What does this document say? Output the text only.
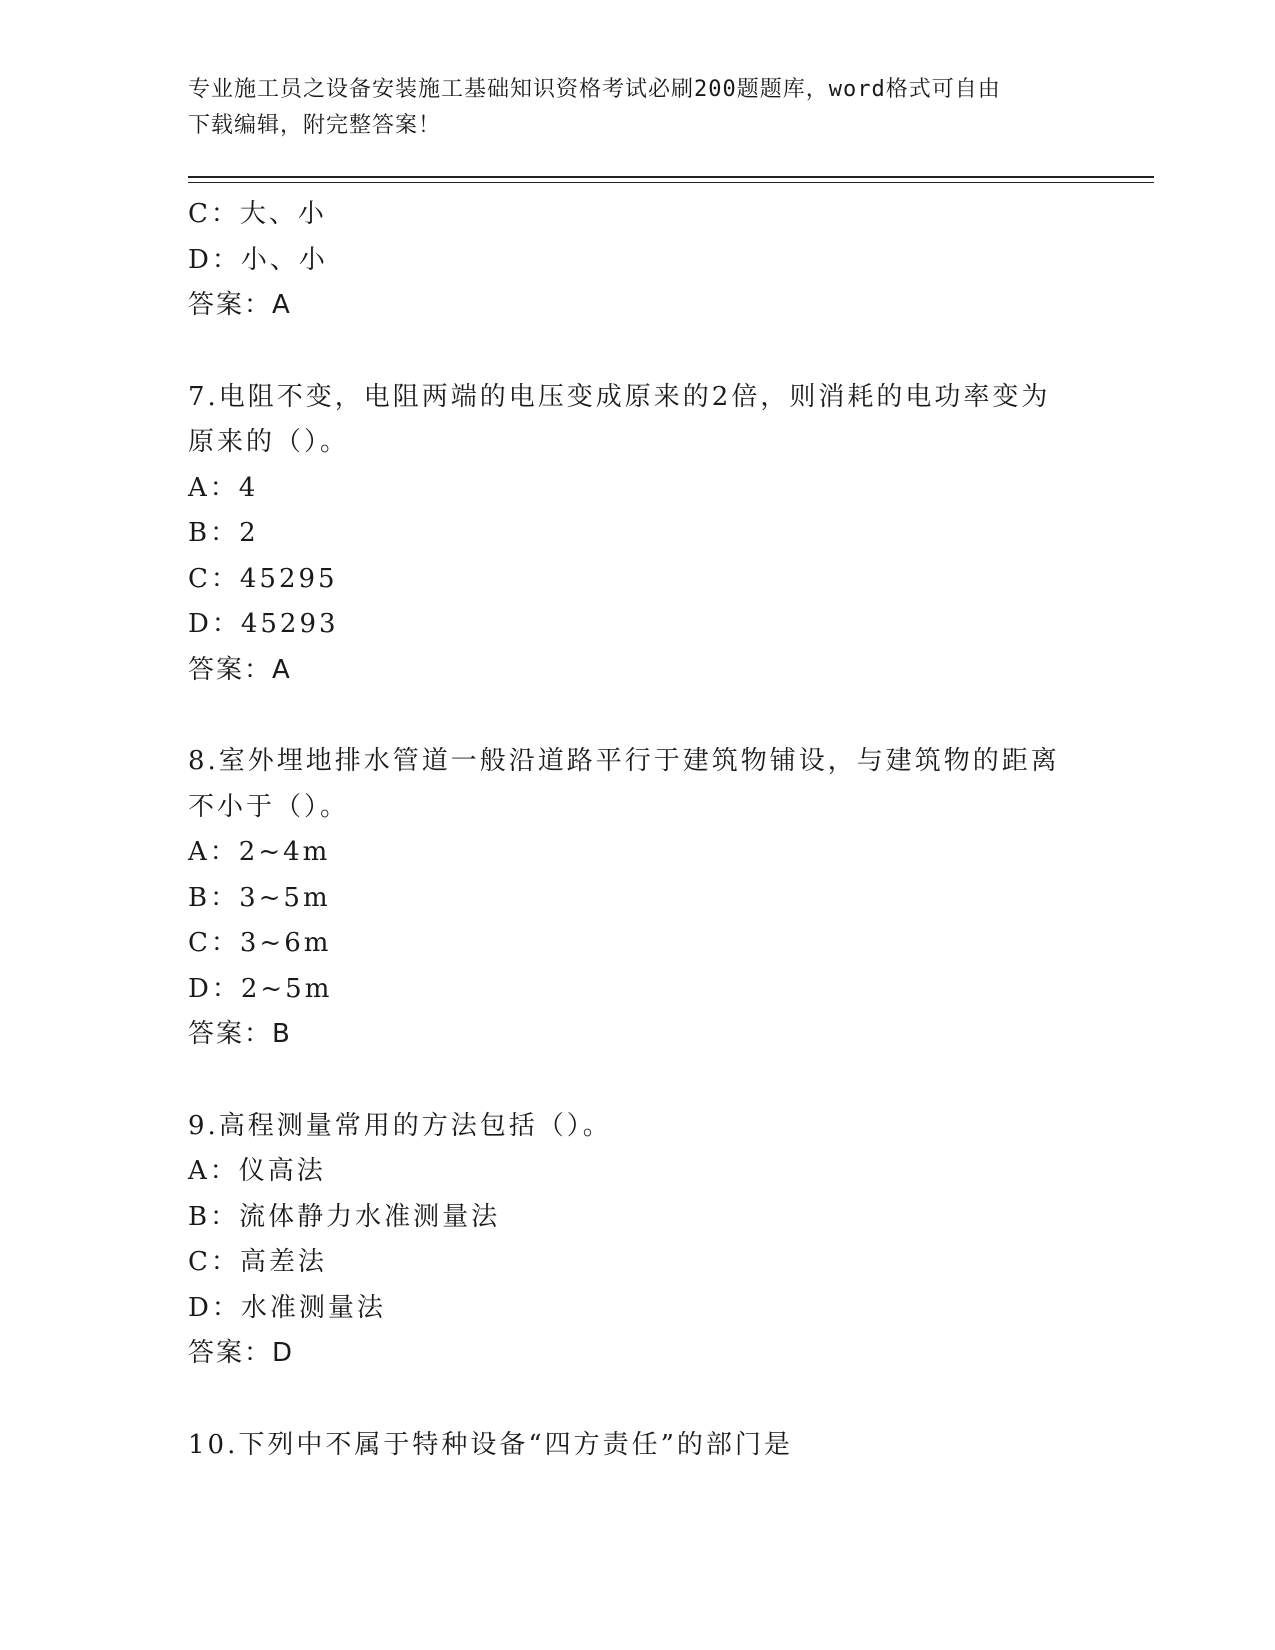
专业施工员之设备安装施工基础知识资格考试必刷200题题库，word格式可自由
下载编辑，附完整答案！
C：大、小
D：小、小
答案：A
7.电阻不变，电阻两端的电压变成原来的2倍，则消耗的电功率变为
原来的（）。
A：4
B：2
C：45295
D：45293
答案：A
8.室外埋地排水管道一般沿道路平行于建筑物铺设，与建筑物的距离
不小于（）。
A：2~4m
B：3~5m
C：3~6m
D：2~5m
答案：B
9.高程测量常用的方法包括（）。
A：仪高法
B：流体静力水准测量法
C：高差法
D：水准测量法
答案：D
10.下列中不属于特种设备“四方责任”的部门是
